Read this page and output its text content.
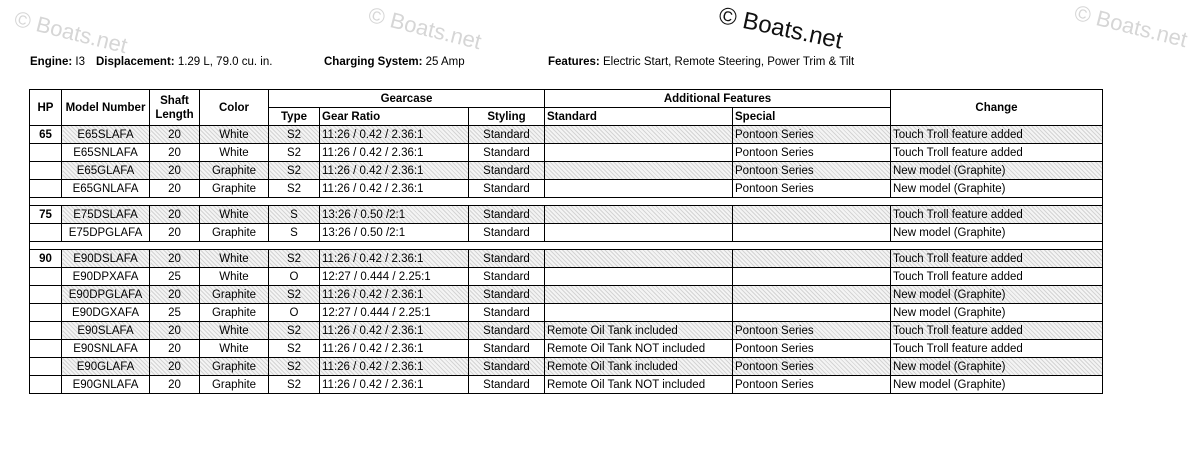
© Boats.net	© Boats.net	© Boats.net
© Boats.net
Engine: I3 Displacement: 1.29 L, 79.0 cu. in.	Charging System: 25 Amp	Features: Electric Start, Remote Steering, Power Trim & Tilt
HP	Model Number	Shaft Length	Color	Gearcase			Additional Features		Change
				Type	Gear Ratio	Styling	Standard	Special	
65	E65SLAFA	20	White	S2	11:26 / 0.42 / 2.36:1	Standard		Pontoon Series	Touch Troll feature added
	E65SNLAFA	20	White	S2	11:26 / 0.42 / 2.36:1	Standard		Pontoon Series	Touch Troll feature added
	E65GLAFA	20	Graphite	S2	11:26 / 0.42 / 2.36:1	Standard		Pontoon Series	New model (Graphite)
	E65GNLAFA	20	Graphite	S2	11:26 / 0.42 / 2.36:1	Standard		Pontoon Series	New model (Graphite)

75	E75DSLAFA	20	White	S	13:26 / 0.50 /2:1	Standard			Touch Troll feature added
	E75DPGLAFA	20	Graphite	S	13:26 / 0.50 /2:1	Standard			New model (Graphite)

90	E90DSLAFA	20	White	S2	11:26 / 0.42 / 2.36:1	Standard			Touch Troll feature added
	E90DPXAFA	25	White	O	12:27 / 0.444 / 2.25:1	Standard			Touch Troll feature added
	E90DPGLAFA	20	Graphite	S2	11:26 / 0.42 / 2.36:1	Standard			New model (Graphite)
	E90DGXAFA	25	Graphite	O	12:27 / 0.444 / 2.25:1	Standard			New model (Graphite)
	E90SLAFA	20	White	S2	11:26 / 0.42 / 2.36:1	Standard	Remote Oil Tank included	Pontoon Series	Touch Troll feature added
	E90SNLAFA	20	White	S2	11:26 / 0.42 / 2.36:1	Standard	Remote Oil Tank NOT included	Pontoon Series	Touch Troll feature added
	E90GLAFA	20	Graphite	S2	11:26 / 0.42 / 2.36:1	Standard	Remote Oil Tank included	Pontoon Series	New model (Graphite)
	E90GNLAFA	20	Graphite	S2	11:26 / 0.42 / 2.36:1	Standard	Remote Oil Tank NOT included	Pontoon Series	New model (Graphite)
